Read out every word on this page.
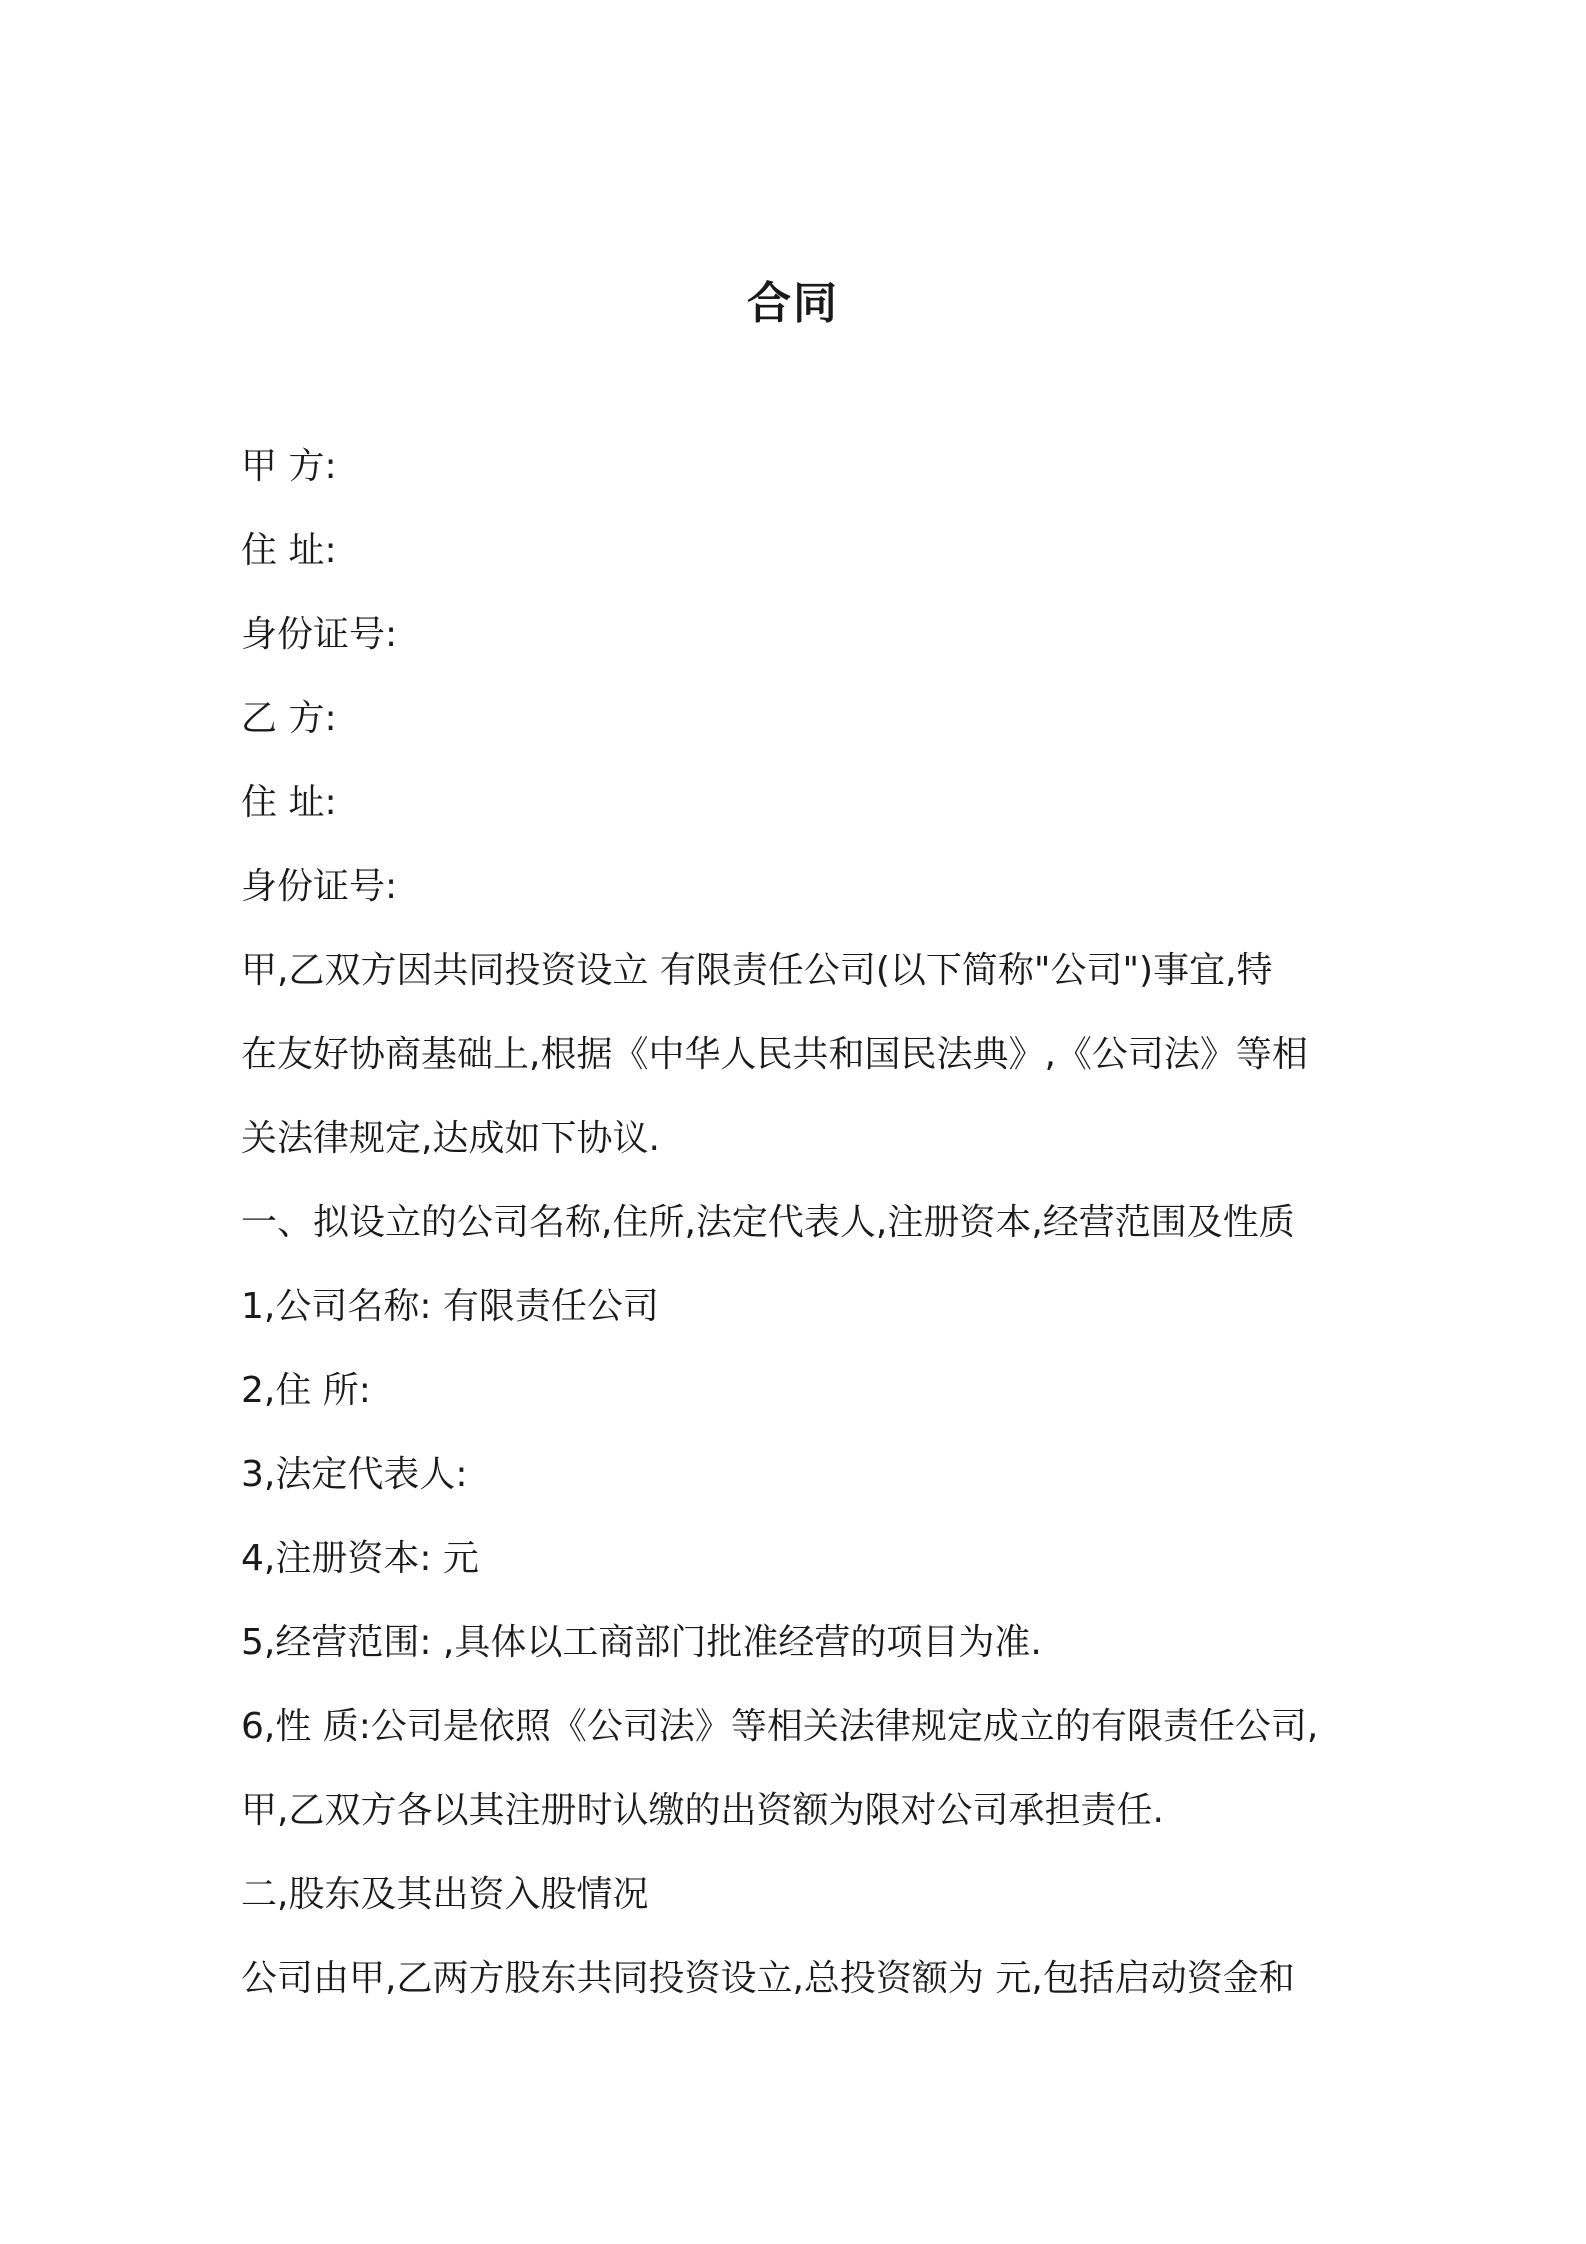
合同
甲 方:
住 址:
身份证号:
乙 方:
住 址:
身份证号:
甲,乙双方因共同投资设立 有限责任公司(以下简称"公司")事宜,特
在友好协商基础上,根据《中华人民共和国民法典》,《公司法》等相
关法律规定,达成如下协议.
一、拟设立的公司名称,住所,法定代表人,注册资本,经营范围及性质
1,公司名称: 有限责任公司
2,住 所:
3,法定代表人:
4,注册资本: 元
5,经营范围: ,具体以工商部门批准经营的项目为准.
6,性 质:公司是依照《公司法》等相关法律规定成立的有限责任公司,
甲,乙双方各以其注册时认缴的出资额为限对公司承担责任.
二,股东及其出资入股情况
公司由甲,乙两方股东共同投资设立,总投资额为 元,包括启动资金和
